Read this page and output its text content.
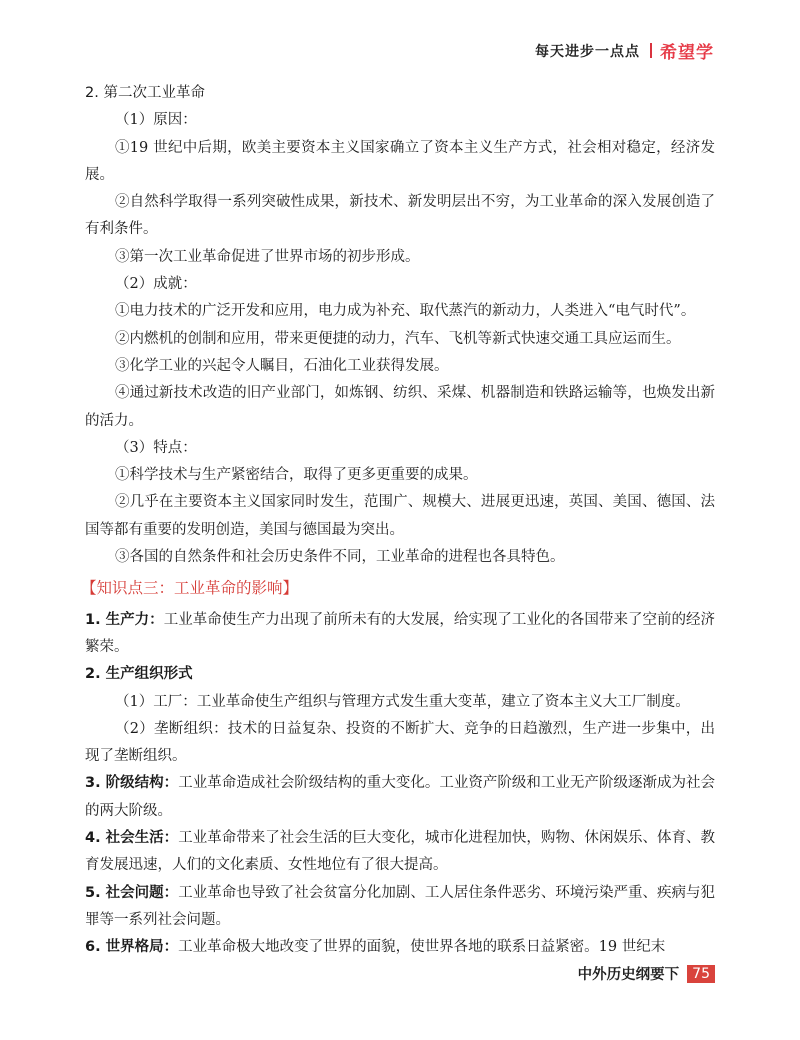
每天进步一点点 希望学

2. 第二次工业革命

（1）原因：

①19 世纪中后期，欧美主要资本主义国家确立了资本主义生产方式，社会相对稳定，经济发展。

②自然科学取得一系列突破性成果，新技术、新发明层出不穷，为工业革命的深入发展创造了有利条件。

③第一次工业革命促进了世界市场的初步形成。

（2）成就：

①电力技术的广泛开发和应用，电力成为补充、取代蒸汽的新动力，人类进入“电气时代”。

②内燃机的创制和应用，带来更便捷的动力，汽车、飞机等新式快速交通工具应运而生。

③化学工业的兴起令人瞩目，石油化工业获得发展。

④通过新技术改造的旧产业部门，如炼钢、纺织、采煤、机器制造和铁路运输等，也焕发出新的活力。

（3）特点：

①科学技术与生产紧密结合，取得了更多更重要的成果。

②几乎在主要资本主义国家同时发生，范围广、规模大、进展更迅速，英国、美国、德国、法国等都有重要的发明创造，美国与德国最为突出。

③各国的自然条件和社会历史条件不同，工业革命的进程也各具特色。

【知识点三：工业革命的影响】

1. 生产力：工业革命使生产力出现了前所未有的大发展，给实现了工业化的各国带来了空前的经济繁荣。

2. 生产组织形式

（1）工厂：工业革命使生产组织与管理方式发生重大变革，建立了资本主义大工厂制度。

（2）垄断组织：技术的日益复杂、投资的不断扩大、竞争的日趋激烈，生产进一步集中，出现了垄断组织。

3. 阶级结构：工业革命造成社会阶级结构的重大变化。工业资产阶级和工业无产阶级逐渐成为社会的两大阶级。

4. 社会生活：工业革命带来了社会生活的巨大变化，城市化进程加快，购物、休闲娱乐、体育、教育发展迅速，人们的文化素质、女性地位有了很大提高。

5. 社会问题：工业革命也导致了社会贫富分化加剧、工人居住条件恶劣、环境污染严重、疾病与犯罪等一系列社会问题。

6. 世界格局：工业革命极大地改变了世界的面貌，使世界各地的联系日益紧密。19 世纪末

中外历史纲要下 75
